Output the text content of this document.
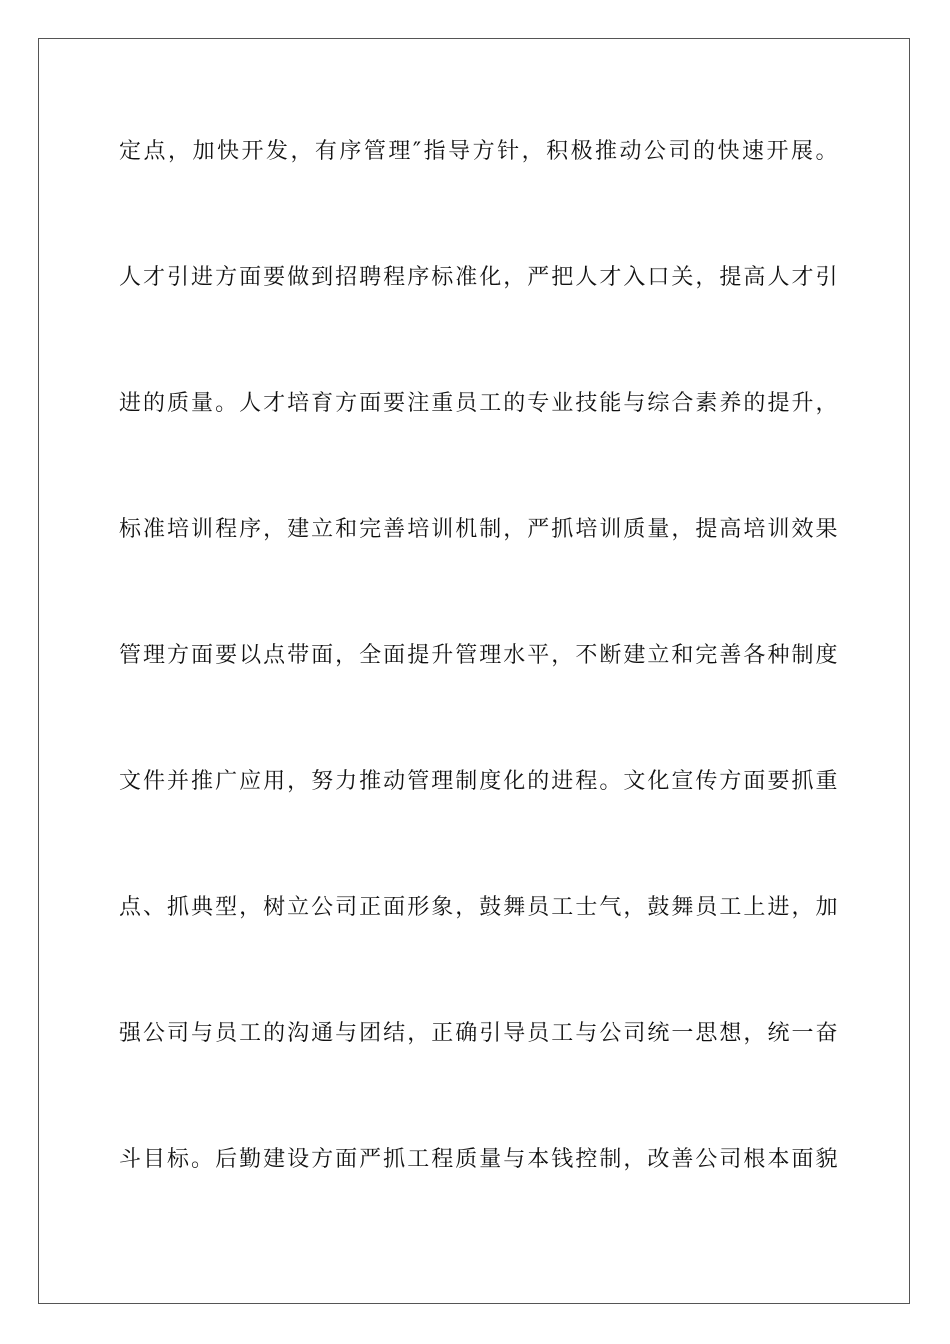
定点，加快开发，有序管理″指导方针，积极推动公司的快速开展。
人才引进方面要做到招聘程序标准化，严把人才入口关，提高人才引
进的质量。人才培育方面要注重员工的专业技能与综合素养的提升，
标准培训程序，建立和完善培训机制，严抓培训质量，提高培训效果
管理方面要以点带面，全面提升管理水平，不断建立和完善各种制度
文件并推广应用，努力推动管理制度化的进程。文化宣传方面要抓重
点、抓典型，树立公司正面形象，鼓舞员工士气，鼓舞员工上进，加
强公司与员工的沟通与团结，正确引导员工与公司统一思想，统一奋
斗目标。后勤建设方面严抓工程质量与本钱控制，改善公司根本面貌
